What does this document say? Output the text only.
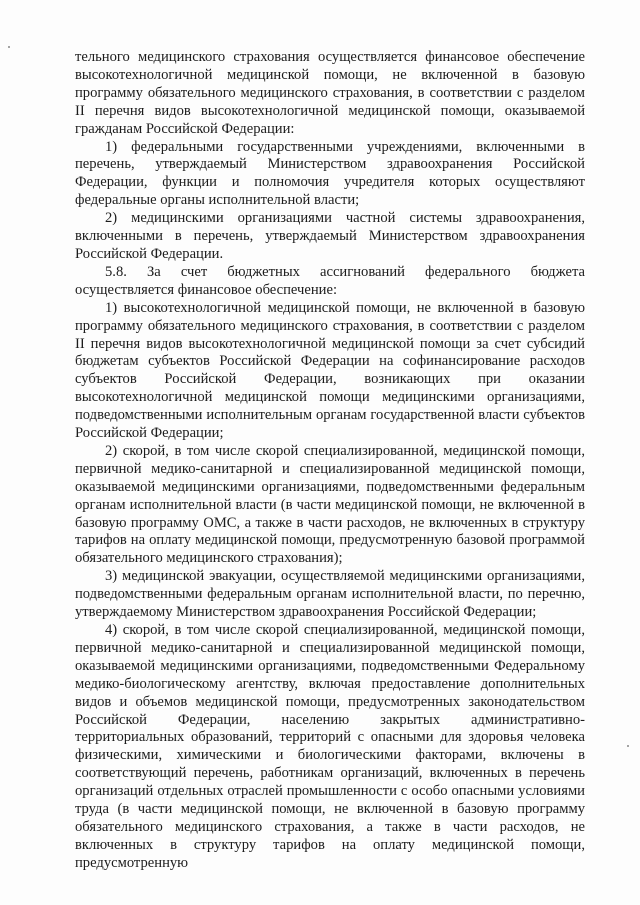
тельного медицинского страхования осуществляется финансовое обеспечение высокотехнологичной медицинской помощи, не включенной в базовую программу обязательного медицинского страхования, в соответствии с разделом II перечня видов высокотехнологичной медицинской помощи, оказываемой гражданам Российской Федерации:

1) федеральными государственными учреждениями, включенными в перечень, утверждаемый Министерством здравоохранения Российской Федерации, функции и полномочия учредителя которых осуществляют федеральные органы исполнительной власти;

2) медицинскими организациями частной системы здравоохранения, включенными в перечень, утверждаемый Министерством здравоохранения Российской Федерации.

5.8. За счет бюджетных ассигнований федерального бюджета осуществляется финансовое обеспечение:

1) высокотехнологичной медицинской помощи, не включенной в базовую программу обязательного медицинского страхования, в соответствии с разделом II перечня видов высокотехнологичной медицинской помощи за счет субсидий бюджетам субъектов Российской Федерации на софинансирование расходов субъектов Российской Федерации, возникающих при оказании высокотехнологичной медицинской помощи медицинскими организациями, подведомственными исполнительным органам государственной власти субъектов Российской Федерации;

2) скорой, в том числе скорой специализированной, медицинской помощи, первичной медико-санитарной и специализированной медицинской помощи, оказываемой медицинскими организациями, подведомственными федеральным органам исполнительной власти (в части медицинской помощи, не включенной в базовую программу ОМС, а также в части расходов, не включенных в структуру тарифов на оплату медицинской помощи, предусмотренную базовой программой обязательного медицинского страхования);

3) медицинской эвакуации, осуществляемой медицинскими организациями, подведомственными федеральным органам исполнительной власти, по перечню, утверждаемому Министерством здравоохранения Российской Федерации;

4) скорой, в том числе скорой специализированной, медицинской помощи, первичной медико-санитарной и специализированной медицинской помощи, оказываемой медицинскими организациями, подведомственными Федеральному медико-биологическому агентству, включая предоставление дополнительных видов и объемов медицинской помощи, предусмотренных законодательством Российской Федерации, населению закрытых административно-территориальных образований, территорий с опасными для здоровья человека физическими, химическими и биологическими факторами, включены в соответствующий перечень, работникам организаций, включенных в перечень организаций отдельных отраслей промышленности с особо опасными условиями труда (в части медицинской помощи, не включенной в базовую программу обязательного медицинского страхования, а также в части расходов, не включенных в структуру тарифов на оплату медицинской помощи, предусмотренную
